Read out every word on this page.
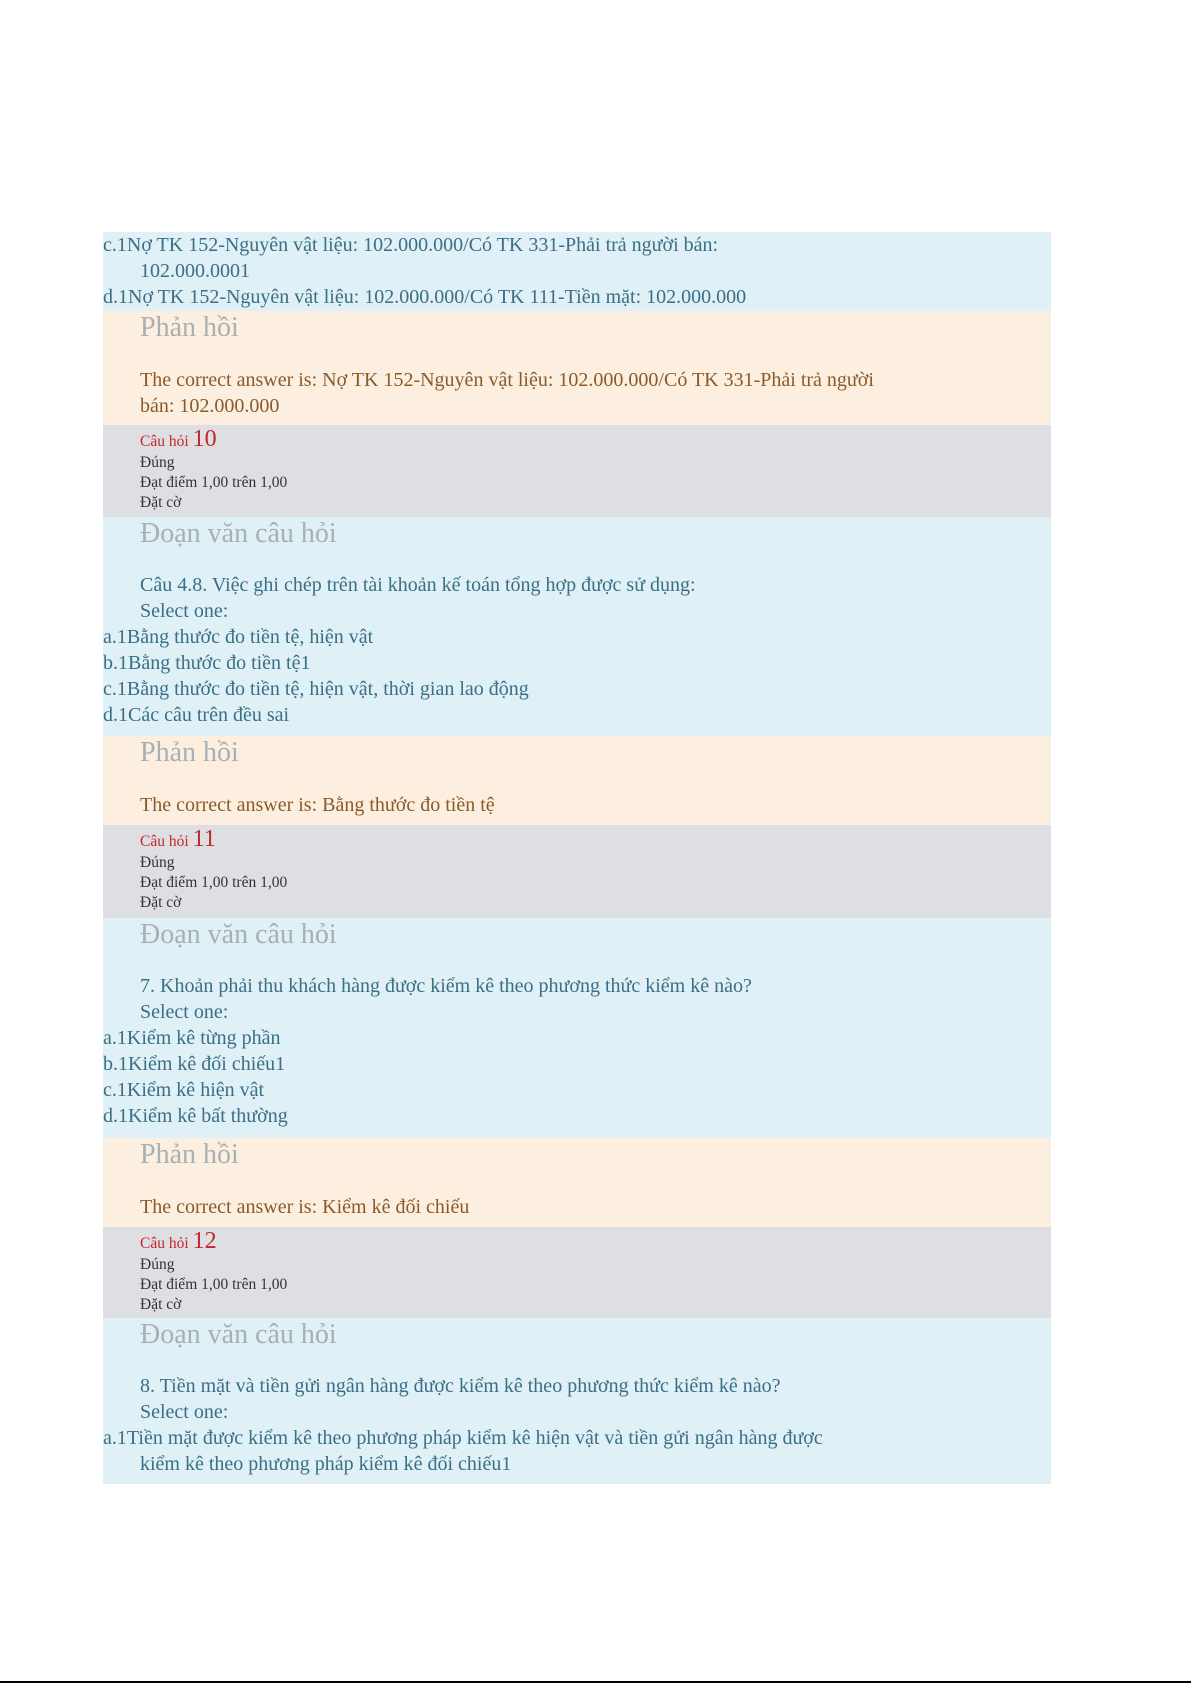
c.1Nợ TK 152-Nguyên vật liệu: 102.000.000/Có TK 331-Phải trả người bán: 102.000.0001
d.1Nợ TK 152-Nguyên vật liệu: 102.000.000/Có TK 111-Tiền mặt: 102.000.000
Phản hồi
The correct answer is: Nợ TK 152-Nguyên vật liệu: 102.000.000/Có TK 331-Phải trả người bán: 102.000.000
Câu hỏi 10
Đúng
Đạt điểm 1,00 trên 1,00
Đặt cờ
Đoạn văn câu hỏi
Câu 4.8. Việc ghi chép trên tài khoản kế toán tổng hợp được sử dụng:
Select one:
a.1Bằng thước đo tiền tệ, hiện vật
b.1Bằng thước đo tiền tệ1
c.1Bằng thước đo tiền tệ, hiện vật, thời gian lao động
d.1Các câu trên đều sai
Phản hồi
The correct answer is: Bằng thước đo tiền tệ
Câu hỏi 11
Đúng
Đạt điểm 1,00 trên 1,00
Đặt cờ
Đoạn văn câu hỏi
7. Khoản phải thu khách hàng được kiểm kê theo phương thức kiểm kê nào?
Select one:
a.1Kiểm kê từng phần
b.1Kiểm kê đối chiếu1
c.1Kiểm kê hiện vật
d.1Kiểm kê bất thường
Phản hồi
The correct answer is: Kiểm kê đối chiếu
Câu hỏi 12
Đúng
Đạt điểm 1,00 trên 1,00
Đặt cờ
Đoạn văn câu hỏi
8. Tiền mặt và tiền gửi ngân hàng được kiểm kê theo phương thức kiểm kê nào?
Select one:
a.1Tiền mặt được kiểm kê theo phương pháp kiểm kê hiện vật và tiền gửi ngân hàng được kiểm kê theo phương pháp kiểm kê đối chiếu1
